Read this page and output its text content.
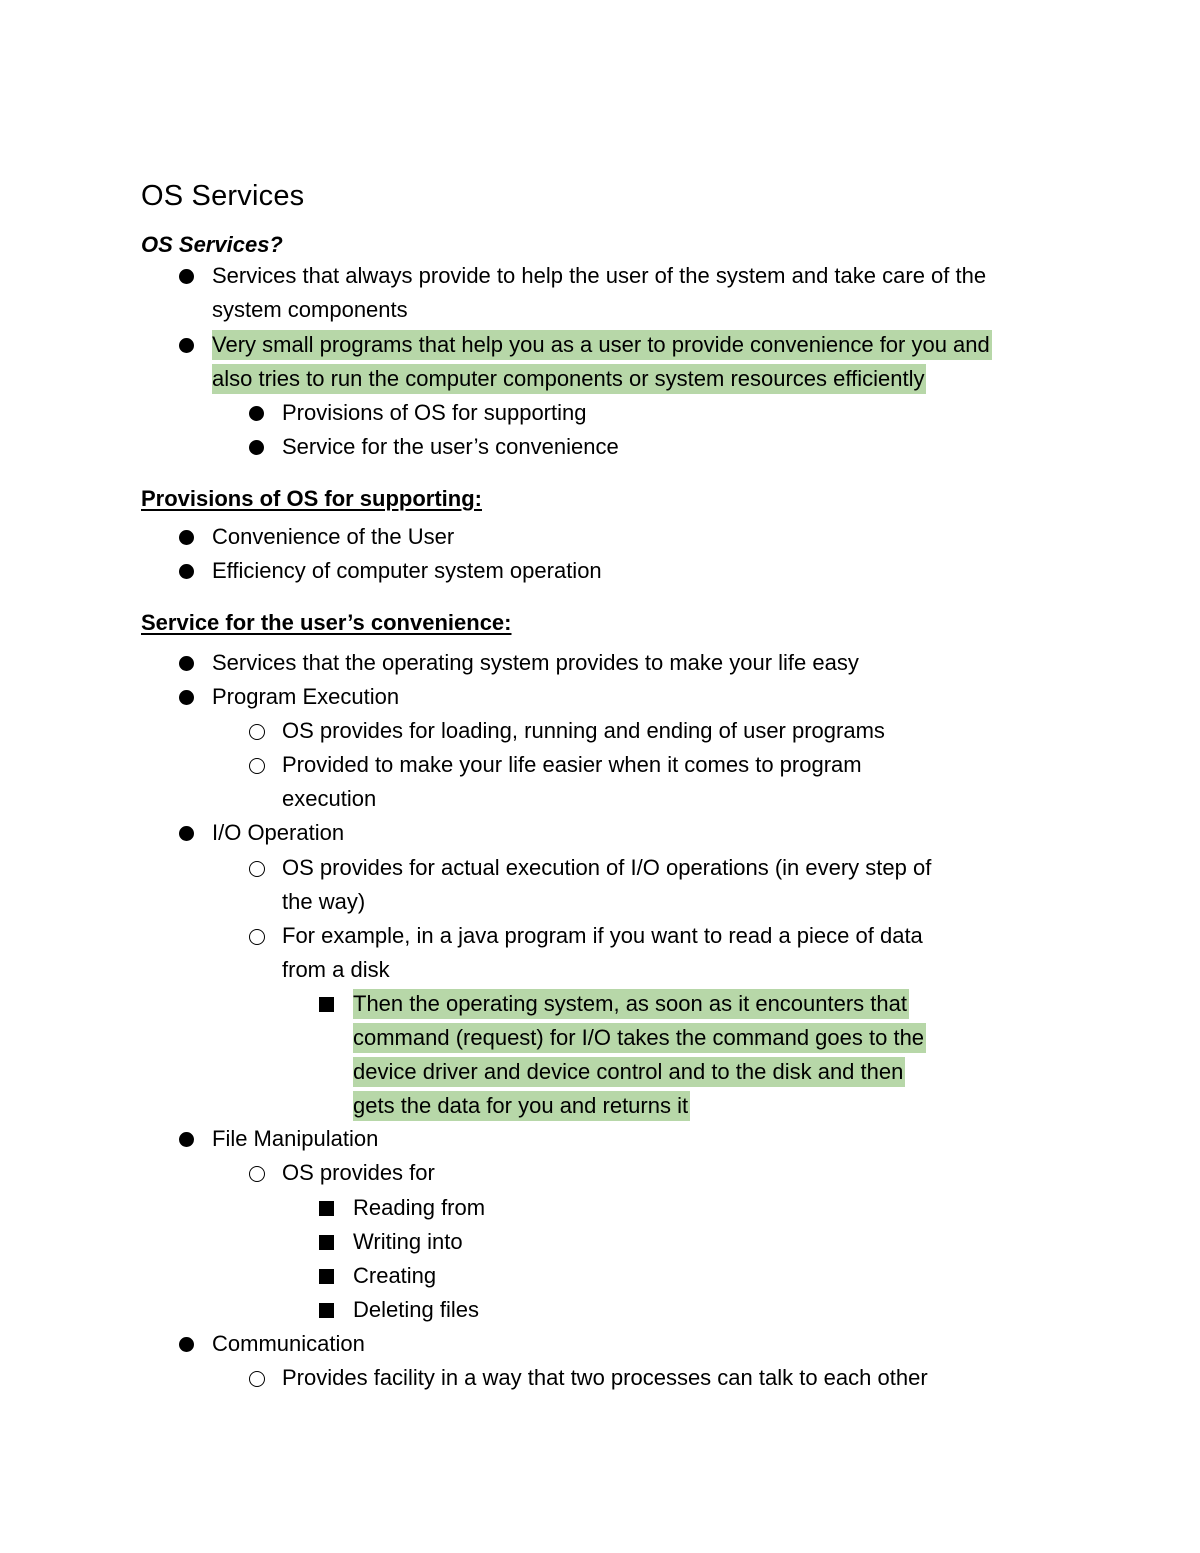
OS Services
OS Services?
Services that always provide to help the user of the system and take care of the
system components
Very small programs that help you as a user to provide convenience for you and
also tries to run the computer components or system resources efficiently
Provisions of OS for supporting
Service for the user’s convenience
Provisions of OS for supporting:
Convenience of the User
Efficiency of computer system operation
Service for the user’s convenience:
Services that the operating system provides to make your life easy
Program Execution
OS provides for loading, running and ending of user programs
Provided to make your life easier when it comes to program
execution
I/O Operation
OS provides for actual execution of I/O operations (in every step of
the way)
For example, in a java program if you want to read a piece of data
from a disk
Then the operating system, as soon as it encounters that
command (request) for I/O takes the command goes to the
device driver and device control and to the disk and then
gets the data for you and returns it
File Manipulation
OS provides for
Reading from
Writing into
Creating
Deleting files
Communication
Provides facility in a way that two processes can talk to each other
